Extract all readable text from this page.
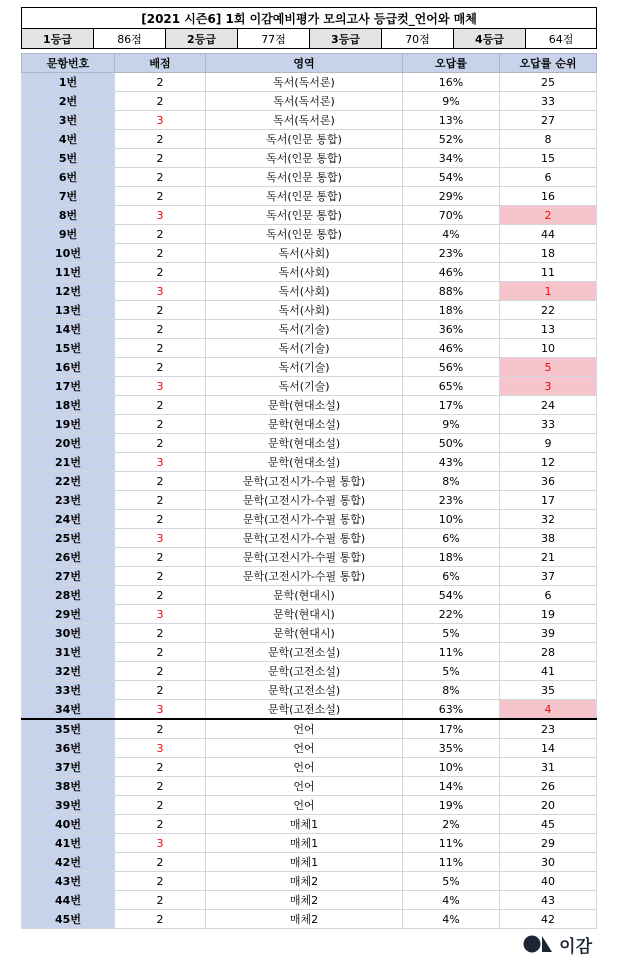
[2021 시즌6] 1회 이감예비평가 모의고사 등급컷_언어와 매체
1등급	86점	2등급	77점	3등급	70점	4등급	64점
문항번호	배점	영역	오답률	오답률 순위
1번	2	독서(독서론)	16%	25
2번	2	독서(독서론)	9%	33
3번	3	독서(독서론)	13%	27
4번	2	독서(인문 통합)	52%	8
5번	2	독서(인문 통합)	34%	15
6번	2	독서(인문 통합)	54%	6
7번	2	독서(인문 통합)	29%	16
8번	3	독서(인문 통합)	70%	2
9번	2	독서(인문 통합)	4%	44
10번	2	독서(사회)	23%	18
11번	2	독서(사회)	46%	11
12번	3	독서(사회)	88%	1
13번	2	독서(사회)	18%	22
14번	2	독서(기술)	36%	13
15번	2	독서(기술)	46%	10
16번	2	독서(기술)	56%	5
17번	3	독서(기술)	65%	3
18번	2	문학(현대소설)	17%	24
19번	2	문학(현대소설)	9%	33
20번	2	문학(현대소설)	50%	9
21번	3	문학(현대소설)	43%	12
22번	2	문학(고전시가-수필 통합)	8%	36
23번	2	문학(고전시가-수필 통합)	23%	17
24번	2	문학(고전시가-수필 통합)	10%	32
25번	3	문학(고전시가-수필 통합)	6%	38
26번	2	문학(고전시가-수필 통합)	18%	21
27번	2	문학(고전시가-수필 통합)	6%	37
28번	2	문학(현대시)	54%	6
29번	3	문학(현대시)	22%	19
30번	2	문학(현대시)	5%	39
31번	2	문학(고전소설)	11%	28
32번	2	문학(고전소설)	5%	41
33번	2	문학(고전소설)	8%	35
34번	3	문학(고전소설)	63%	4
35번	2	언어	17%	23
36번	3	언어	35%	14
37번	2	언어	10%	31
38번	2	언어	14%	26
39번	2	언어	19%	20
40번	2	매체1	2%	45
41번	3	매체1	11%	29
42번	2	매체1	11%	30
43번	2	매체2	5%	40
44번	2	매체2	4%	43
45번	2	매체2	4%	42
이감
